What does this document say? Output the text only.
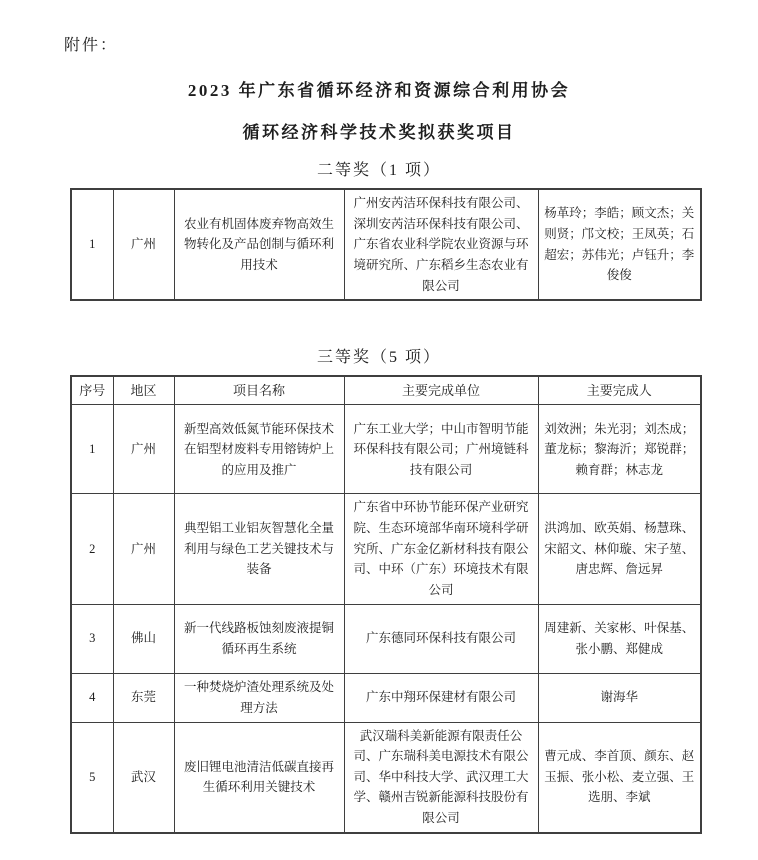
附件：
2023 年广东省循环经济和资源综合利用协会
循环经济科学技术奖拟获奖项目
二等奖（1 项）
1	广州	农业有机固体废弃物高效生物转化及产品创制与循环利用技术	广州安芮洁环保科技有限公司、深圳安芮洁环保科技有限公司、广东省农业科学院农业资源与环境研究所、广东稻乡生态农业有限公司	杨革玲；李皓；顾文杰；关则贤；邝文校；王凤英；石超宏；苏伟光；卢钰升；李俊俊
三等奖（5 项）
序号	地区	项目名称	主要完成单位	主要完成人
1	广州	新型高效低氮节能环保技术在铝型材废料专用镕铸炉上的应用及推广	广东工业大学；中山市智明节能环保科技有限公司；广州境链科技有限公司	刘效洲；朱光羽；刘杰成；董龙标；黎海沂；郑锐群；赖育群；林志龙
2	广州	典型铝工业铝灰智慧化全量利用与绿色工艺关键技术与装备	广东省中环协节能环保产业研究院、生态环境部华南环境科学研究所、广东金亿新材科技有限公司、中环（广东）环境技术有限公司	洪鸿加、欧英娟、杨慧珠、宋韶文、林仰璇、宋子堃、唐忠辉、詹远昇
3	佛山	新一代线路板蚀刻废液提铜循环再生系统	广东德同环保科技有限公司	周建新、关家彬、叶保基、张小鹏、郑健成
4	东莞	一种焚烧炉渣处理系统及处理方法	广东中翔环保建材有限公司	谢海华
5	武汉	废旧锂电池清洁低碳直接再生循环利用关键技术	武汉瑞科美新能源有限责任公司、广东瑞科美电源技术有限公司、华中科技大学、武汉理工大学、赣州吉锐新能源科技股份有限公司	曹元成、李首顶、颜东、赵玉振、张小松、麦立强、王选朋、李斌
